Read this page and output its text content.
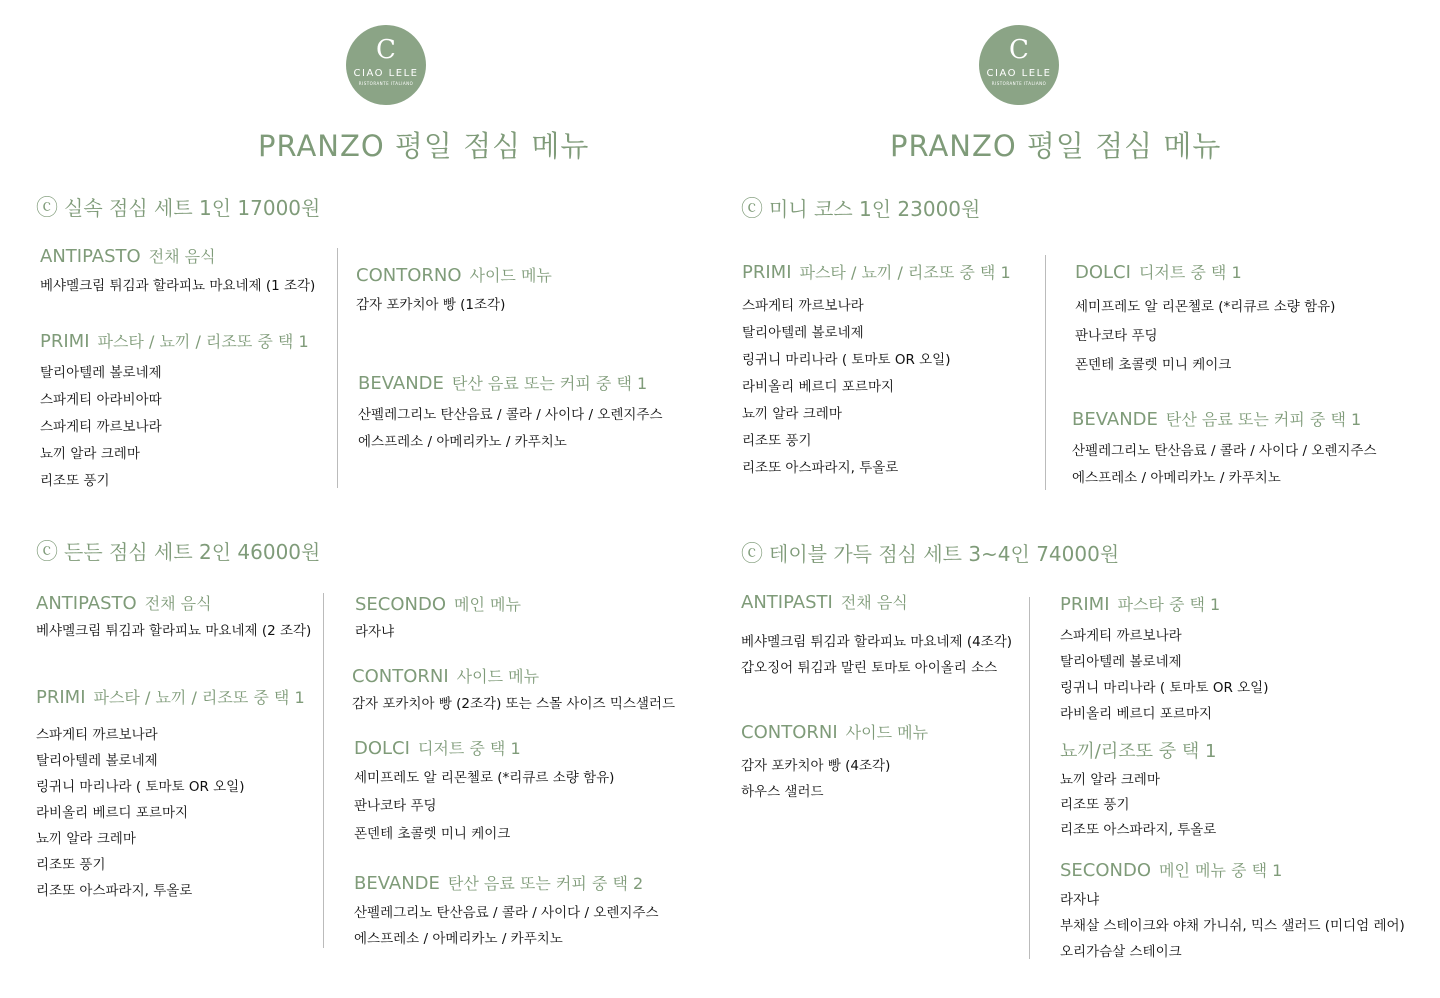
C
CIAO LELE
RISTORANTE ITALIANO
C
CIAO LELE
RISTORANTE ITALIANO
PRANZO 평일 점심 메뉴	PRANZO 평일 점심 메뉴
ⓒ 실속 점심 세트 1인 17000원
ANTIPASTO 전채 음식
베샤멜크림 튀김과 할라피뇨 마요네제 (1 조각)
PRIMI 파스타 / 뇨끼 / 리조또 중 택 1
탈리아텔레 볼로네제
스파게티 아라비아따
스파게티 까르보나라
뇨끼 알라 크레마
리조또 풍기
CONTORNO 사이드 메뉴
감자 포카치아 빵 (1조각)
BEVANDE 탄산 음료 또는 커피 중 택 1
산펠레그리노 탄산음료 / 콜라 / 사이다 / 오렌지주스
에스프레소 / 아메리카노 / 카푸치노
ⓒ 미니 코스 1인 23000원
PRIMI 파스타 / 뇨끼 / 리조또 중 택 1
스파게티 까르보나라
탈리아텔레 볼로네제
링귀니 마리나라 ( 토마토 OR 오일)
라비올리 베르디 포르마지
뇨끼 알라 크레마
리조또 풍기
리조또 아스파라지, 투올로
DOLCI 디저트 중 택 1
세미프레도 알 리몬첼로 (*리큐르 소량 함유)
판나코타 푸딩
폰덴테 초콜렛 미니 케이크
BEVANDE 탄산 음료 또는 커피 중 택 1
산펠레그리노 탄산음료 / 콜라 / 사이다 / 오렌지주스
에스프레소 / 아메리카노 / 카푸치노
ⓒ 든든 점심 세트 2인 46000원
ANTIPASTO 전채 음식
베샤멜크림 튀김과 할라피뇨 마요네제 (2 조각)
PRIMI 파스타 / 뇨끼 / 리조또 중 택 1
스파게티 까르보나라
탈리아텔레 볼로네제
링귀니 마리나라 ( 토마토 OR 오일)
라비올리 베르디 포르마지
뇨끼 알라 크레마
리조또 풍기
리조또 아스파라지, 투올로
SECONDO 메인 메뉴
라자냐
CONTORNI 사이드 메뉴
감자 포카치아 빵 (2조각) 또는 스몰 사이즈 믹스샐러드
DOLCI 디저트 중 택 1
세미프레도 알 리몬첼로 (*리큐르 소량 함유)
판나코타 푸딩
폰덴테 초콜렛 미니 케이크
BEVANDE 탄산 음료 또는 커피 중 택 2
산펠레그리노 탄산음료 / 콜라 / 사이다 / 오렌지주스
에스프레소 / 아메리카노 / 카푸치노
ⓒ 테이블 가득 점심 세트 3~4인 74000원
ANTIPASTI 전채 음식
베샤멜크림 튀김과 할라피뇨 마요네제 (4조각)
갑오징어 튀김과 말린 토마토 아이올리 소스
CONTORNI 사이드 메뉴
감자 포카치아 빵 (4조각)
하우스 샐러드
PRIMI 파스타 중 택 1
스파게티 까르보나라
탈리아텔레 볼로네제
링귀니 마리나라 ( 토마토 OR 오일)
라비올리 베르디 포르마지
뇨끼/리조또 중 택 1
뇨끼 알라 크레마
리조또 풍기
리조또 아스파라지, 투올로
SECONDO 메인 메뉴 중 택 1
라자냐
부채살 스테이크와 야채 가니쉬, 믹스 샐러드 (미디엄 레어)
오리가슴살 스테이크
